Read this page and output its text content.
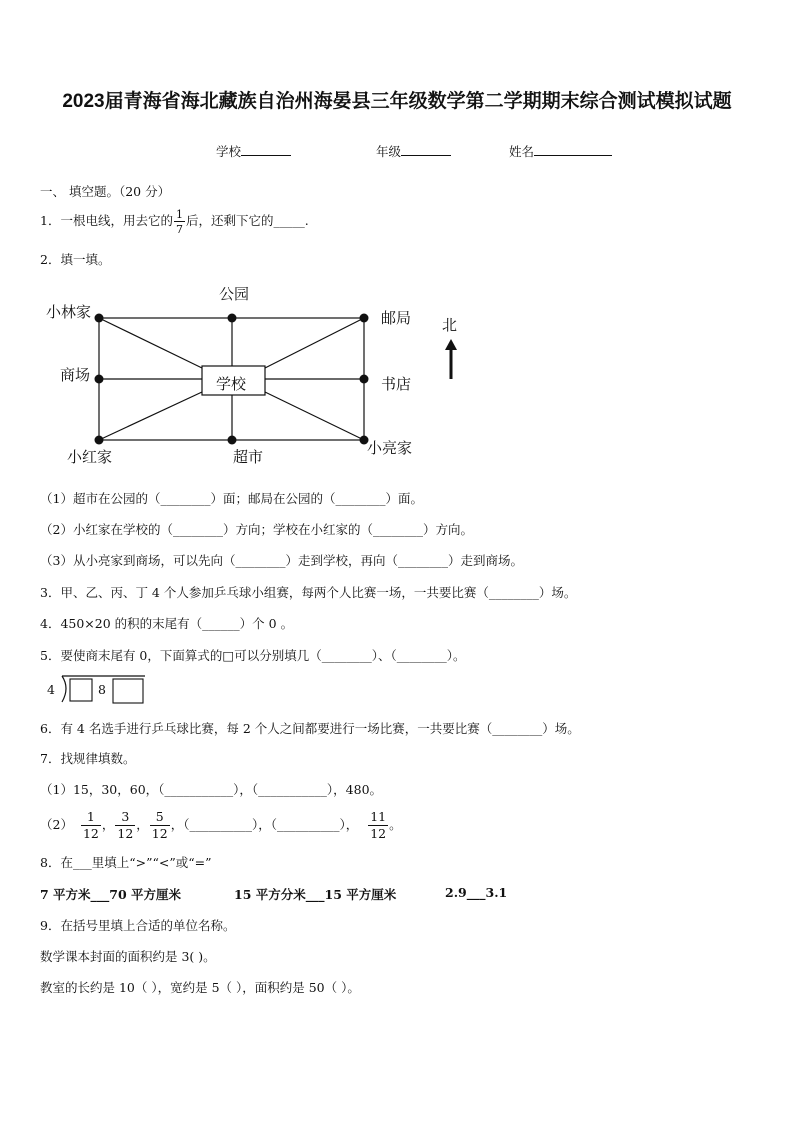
2023届青海省海北藏族自治州海晏县三年级数学第二学期期末综合测试模拟试题
学校	年级	姓名
一、 填空题。（20 分）
1．一根电线，用去它的 $\frac{1}{7}$ 后，还剩下它的_____.
2．填一填。
小林家
公园
邮局 北
商场
学校	书店
小红家	超市
小亮家
（1）超市在公园的（________）面；邮局在公园的（________）面。
（2）小红家在学校的（________）方向；学校在小红家的（________）方向。
（3）从小亮家到商场，可以先向（________）走到学校，再向（________）走到商场。
3．甲、乙、丙、丁 4 个人参加乒乓球小组赛，每两个人比赛一场，一共要比赛（________）场。
4．450×20 的积的末尾有（______）个 0 。
5．要使商末尾有 0，下面算式的□可以分别填几（________）、（________）。
4	8
6．有 4 名选手进行乒乓球比赛，每 2 个人之间都要进行一场比赛，一共要比赛（________）场。
7．找规律填数。
（1）15，30，60，（___________），（___________），480。
$(2) \frac{1}{12}$ ， $\frac{3}{12}$ ， $\frac{5}{12}$ ，（__________），（__________）， $\frac{11}{12}$ 。
8．在___里填上“>”“<”或“=”
7 平方米___70 平方厘米	15 平方分米___15 平方厘米	2.9___3.1
9．在括号里填上合适的单位名称。
数学课本封面的面积约是 3( )。
教室的长约是 10（ ），宽约是 5（ ），面积约是 50（ ）。
